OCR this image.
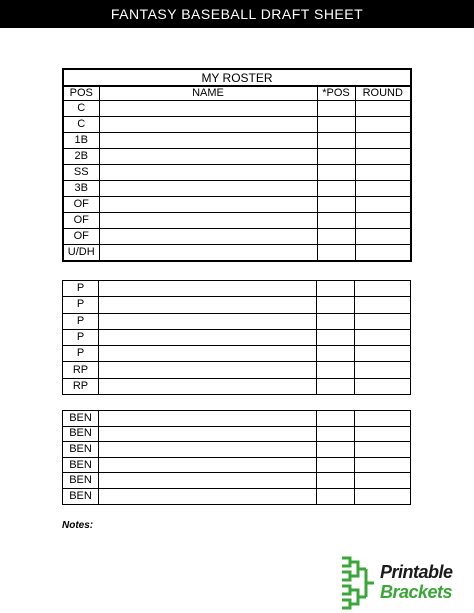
FANTASY BASEBALL DRAFT SHEET
MY ROSTER			
POS	NAME	*POS	ROUND
C			
C			
1B			
2B			
SS			
3B			
OF			
OF			
OF			
U/DH			
P			
P			
P			
P			
P			
RP			
RP			
BEN			
BEN			
BEN			
BEN			
BEN			
BEN			
Notes:
Printable
Brackets
